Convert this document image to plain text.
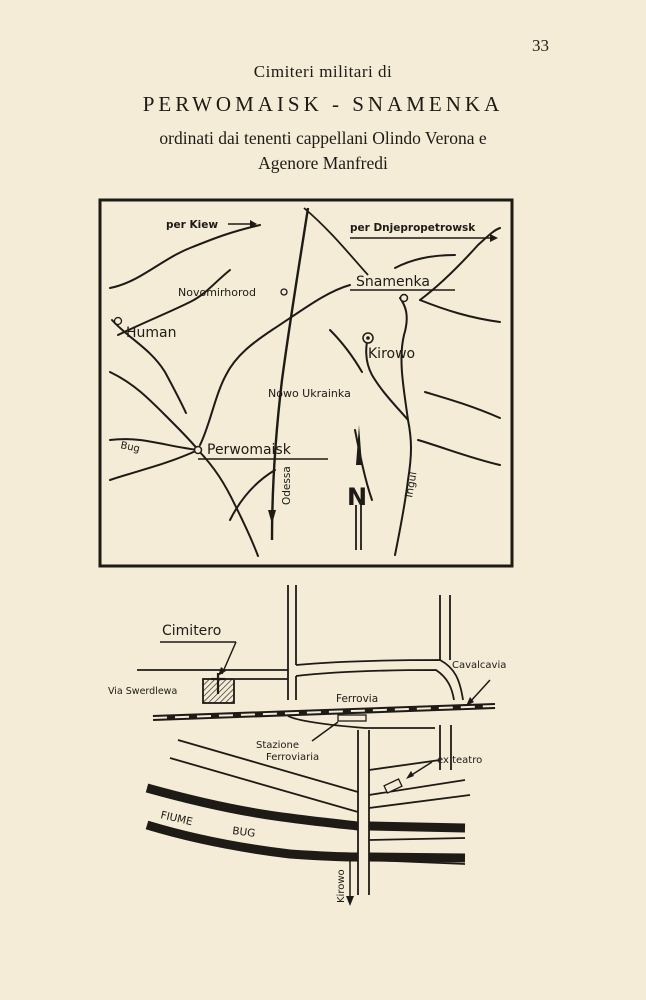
33
Cimiteri militari di
PERWOMAISK - SNAMENKA
ordinati dai tenenti cappellani Olindo Verona e
Agenore Manfredi
per Kiew	per Dnjepropetrowsk
Snamenka
Novomirhorod
Human
Kirowo
Nowo Ukrainka
Bug	Perwomaisk
Odessa	Ingul
N
Cimitero
Via Swerdlewa
Cavalcavia
Ferrovia
Stazione
Ferroviaria	ex teatro
FIUME
BUG
Kirowo
